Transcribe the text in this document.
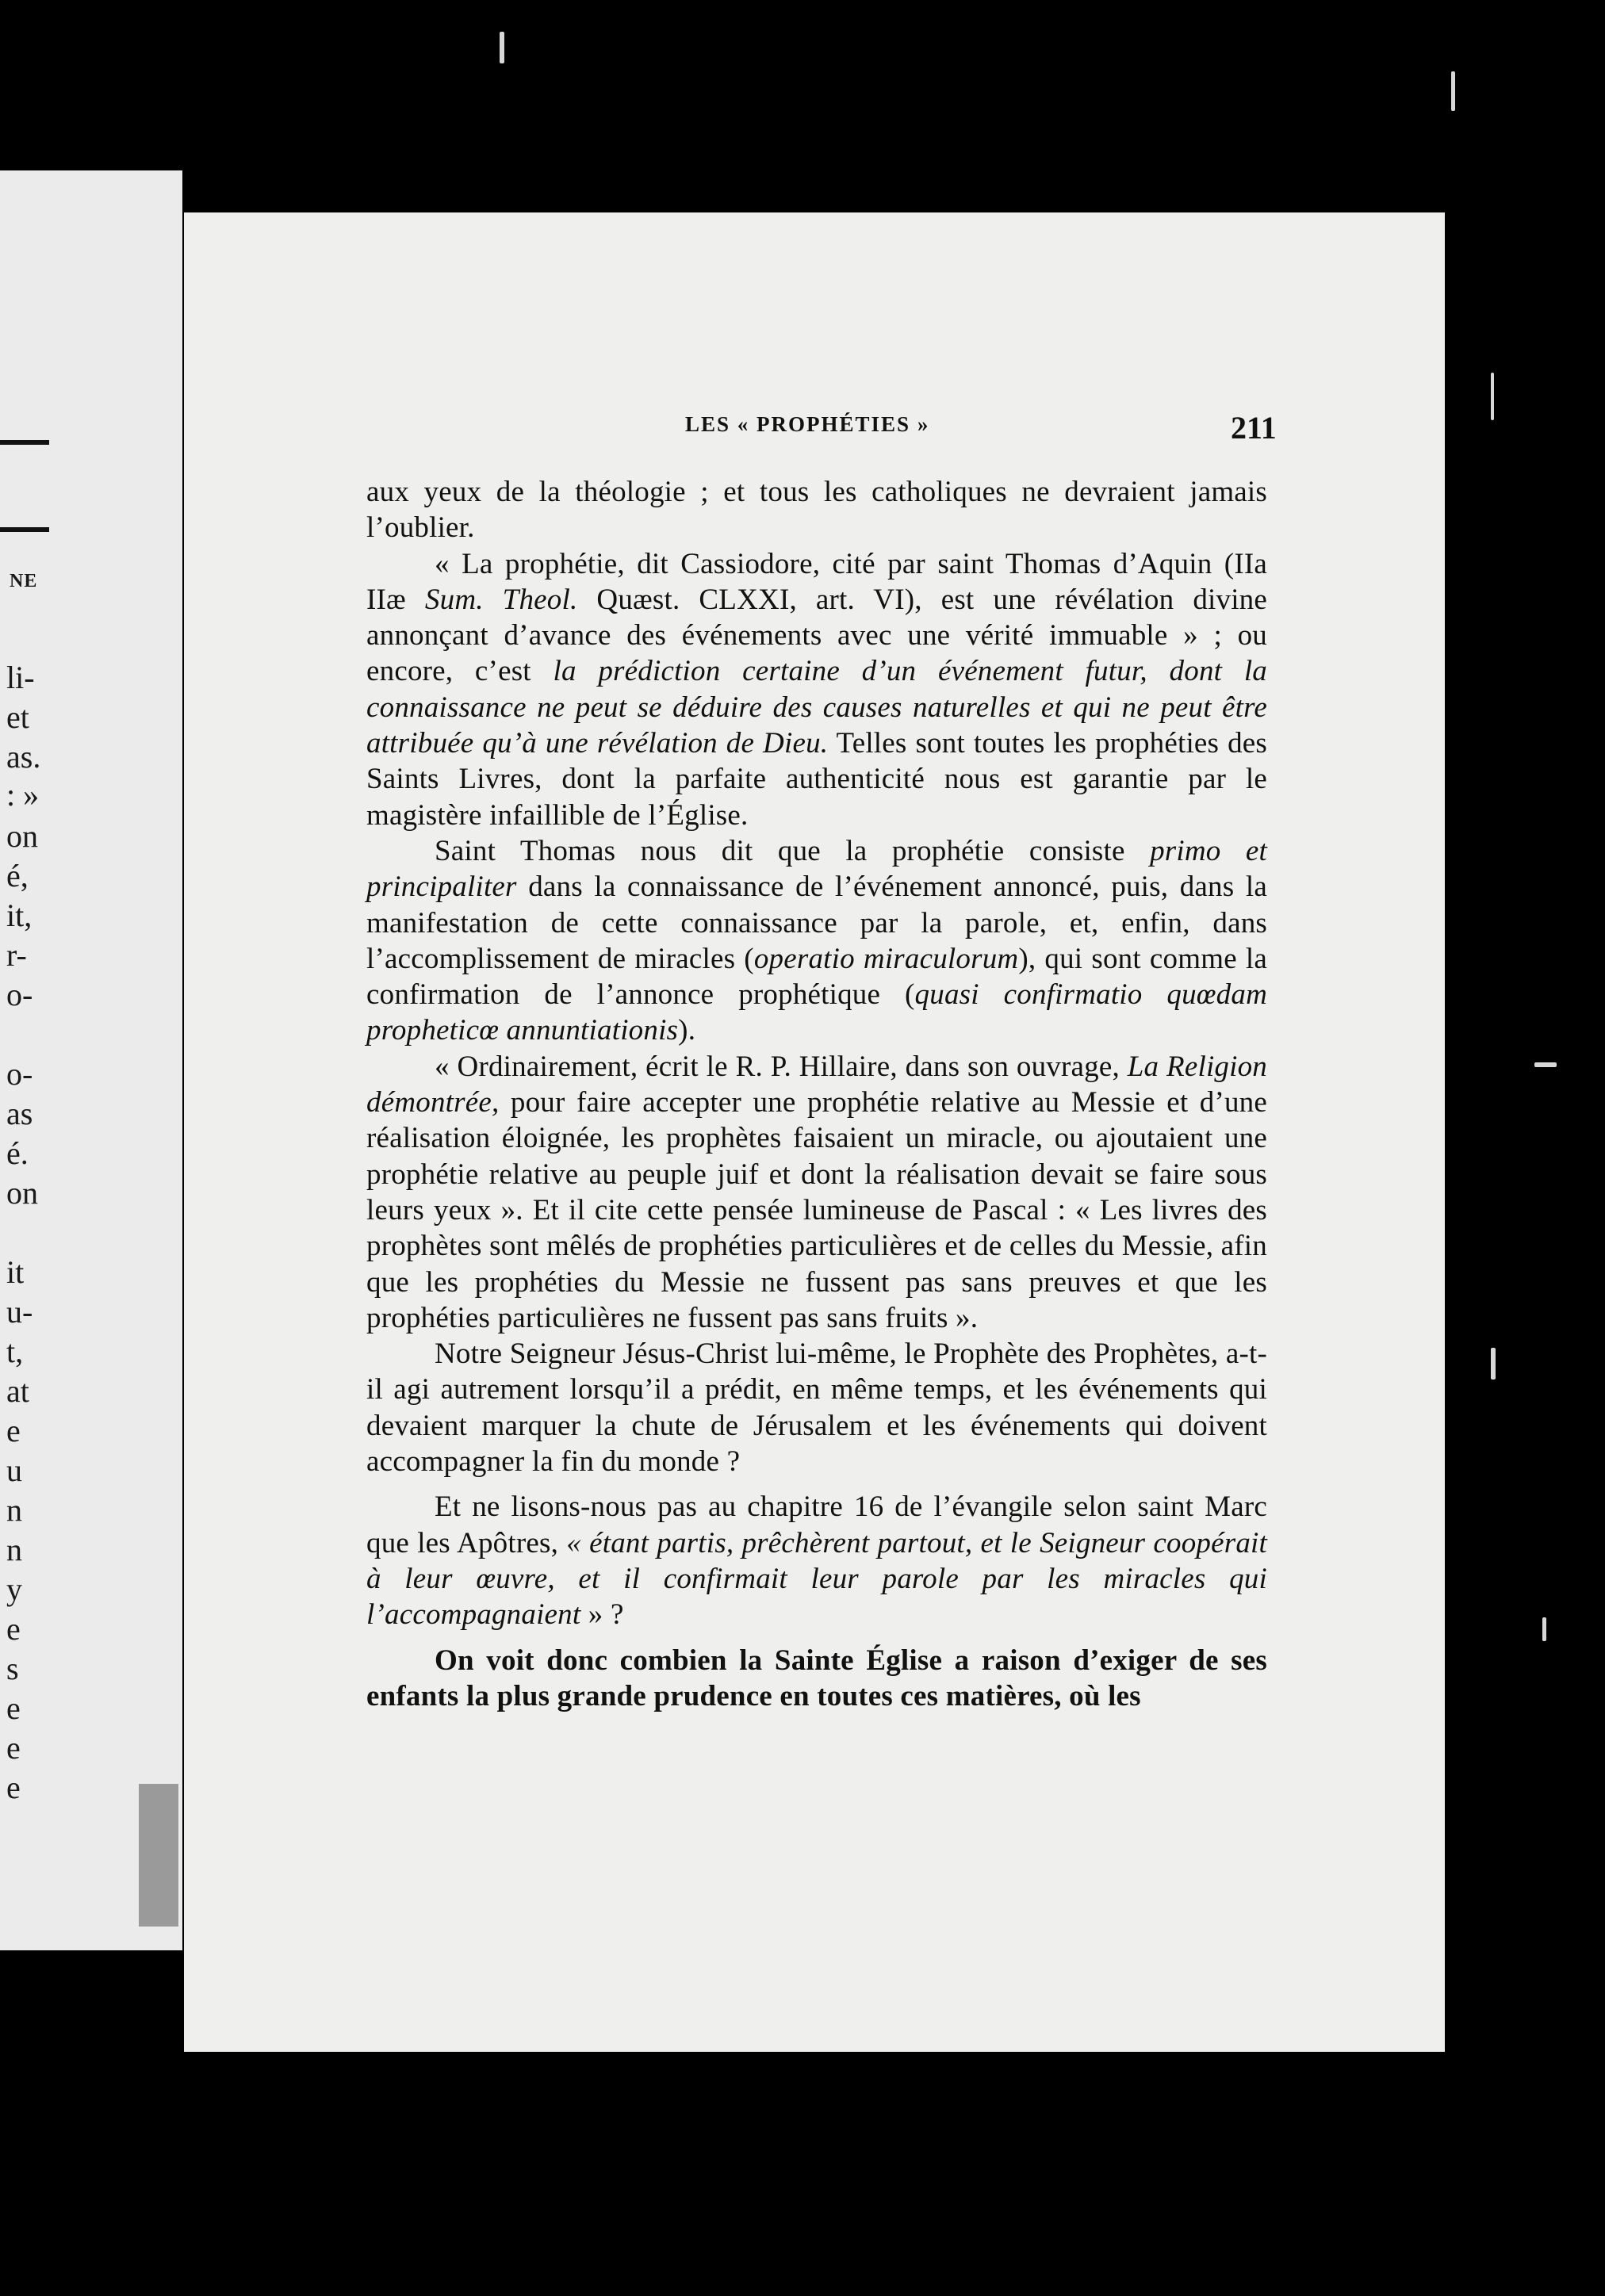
NE
li-
et
as.
: »
on
é,
it,
r-
o-
o-
as
é.
on
it
u-
t,
at
e
u
n
n
y
e
s
e
e
e
LES « PROPHÉTIES »	211

aux yeux de la théologie ; et tous les catholiques ne devraient jamais l’oublier.

« La prophétie, dit Cassiodore, cité par saint Thomas d’Aquin (IIa IIæ Sum. Theol. Quæst. CLXXI, art. VI), est une révélation divine annonçant d’avance des événements avec une vérité immuable » ; ou encore, c’est la prédiction certaine d’un événement futur, dont la connaissance ne peut se déduire des causes naturelles et qui ne peut être attribuée qu’à une révélation de Dieu. Telles sont toutes les prophéties des Saints Livres, dont la parfaite authenticité nous est garantie par le magistère infaillible de l’Église.

Saint Thomas nous dit que la prophétie consiste primo et principaliter dans la connaissance de l’événement annoncé, puis, dans la manifestation de cette connaissance par la parole, et, enfin, dans l’accomplissement de miracles (operatio miraculorum), qui sont comme la confirmation de l’annonce prophétique (quasi confirmatio quœdam propheticœ annuntiationis).

« Ordinairement, écrit le R. P. Hillaire, dans son ouvrage, La Religion démontrée, pour faire accepter une prophétie relative au Messie et d’une réalisation éloignée, les prophètes faisaient un miracle, ou ajoutaient une prophétie relative au peuple juif et dont la réalisation devait se faire sous leurs yeux ». Et il cite cette pensée lumineuse de Pascal : « Les livres des prophètes sont mêlés de prophéties particulières et de celles du Messie, afin que les prophéties du Messie ne fussent pas sans preuves et que les prophéties particulières ne fussent pas sans fruits ».

Notre Seigneur Jésus-Christ lui-même, le Prophète des Prophètes, a-t-il agi autrement lorsqu’il a prédit, en même temps, et les événements qui devaient marquer la chute de Jérusalem et les événements qui doivent accompagner la fin du monde ?

Et ne lisons-nous pas au chapitre 16 de l’évangile selon saint Marc que les Apôtres, « étant partis, prêchèrent partout, et le Seigneur coopérait à leur œuvre, et il confirmait leur parole par les miracles qui l’accompagnaient » ?

On voit donc combien la Sainte Église a raison d’exiger de ses enfants la plus grande prudence en toutes ces matières, où les
